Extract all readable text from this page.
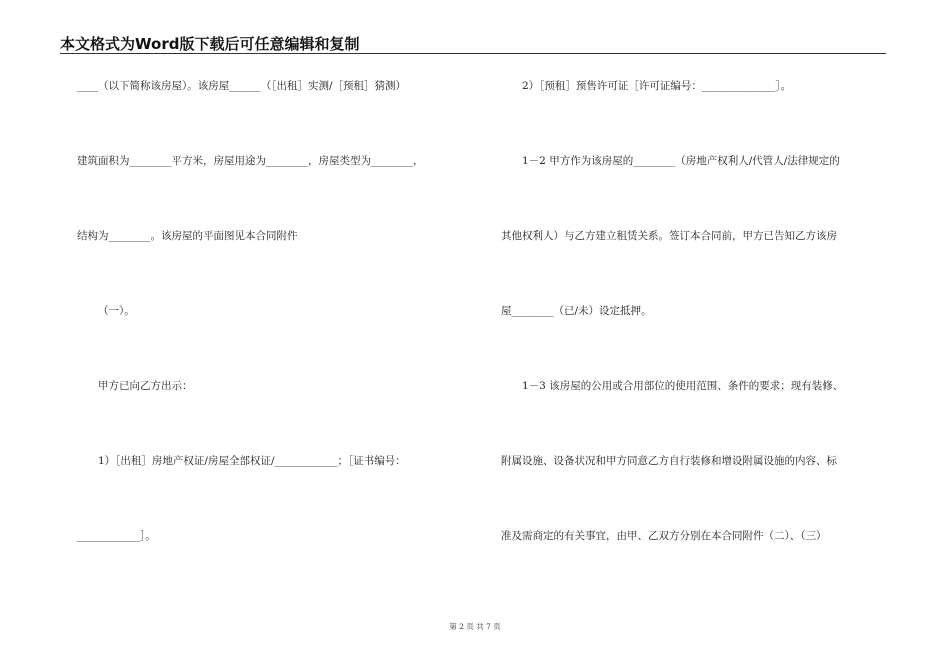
本文格式为Word版下载后可任意编辑和复制
____（以下简称该房屋）。该房屋______（［出租］实测/［预租］猜测）
建筑面积为________平方米，房屋用途为________，房屋类型为________，
结构为________。该房屋的平面图见本合同附件
（一）。
甲方已向乙方出示：
1）［出租］房地产权证/房屋全部权证/____________；［证书编号：
____________］。
2）［预租］预售许可证［许可证编号：______________］。
1－2 甲方作为该房屋的________（房地产权利人/代管人/法律规定的
其他权利人）与乙方建立租赁关系。签订本合同前，甲方已告知乙方该房
屋________（已/未）设定抵押。
1－3 该房屋的公用或合用部位的使用范围、条件的要求；现有装修、
附属设施、设备状况和甲方同意乙方自行装修和增设附属设施的内容、标
准及需商定的有关事宜，由甲、乙双方分别在本合同附件（二）、（三）
第 2 页 共 7 页
